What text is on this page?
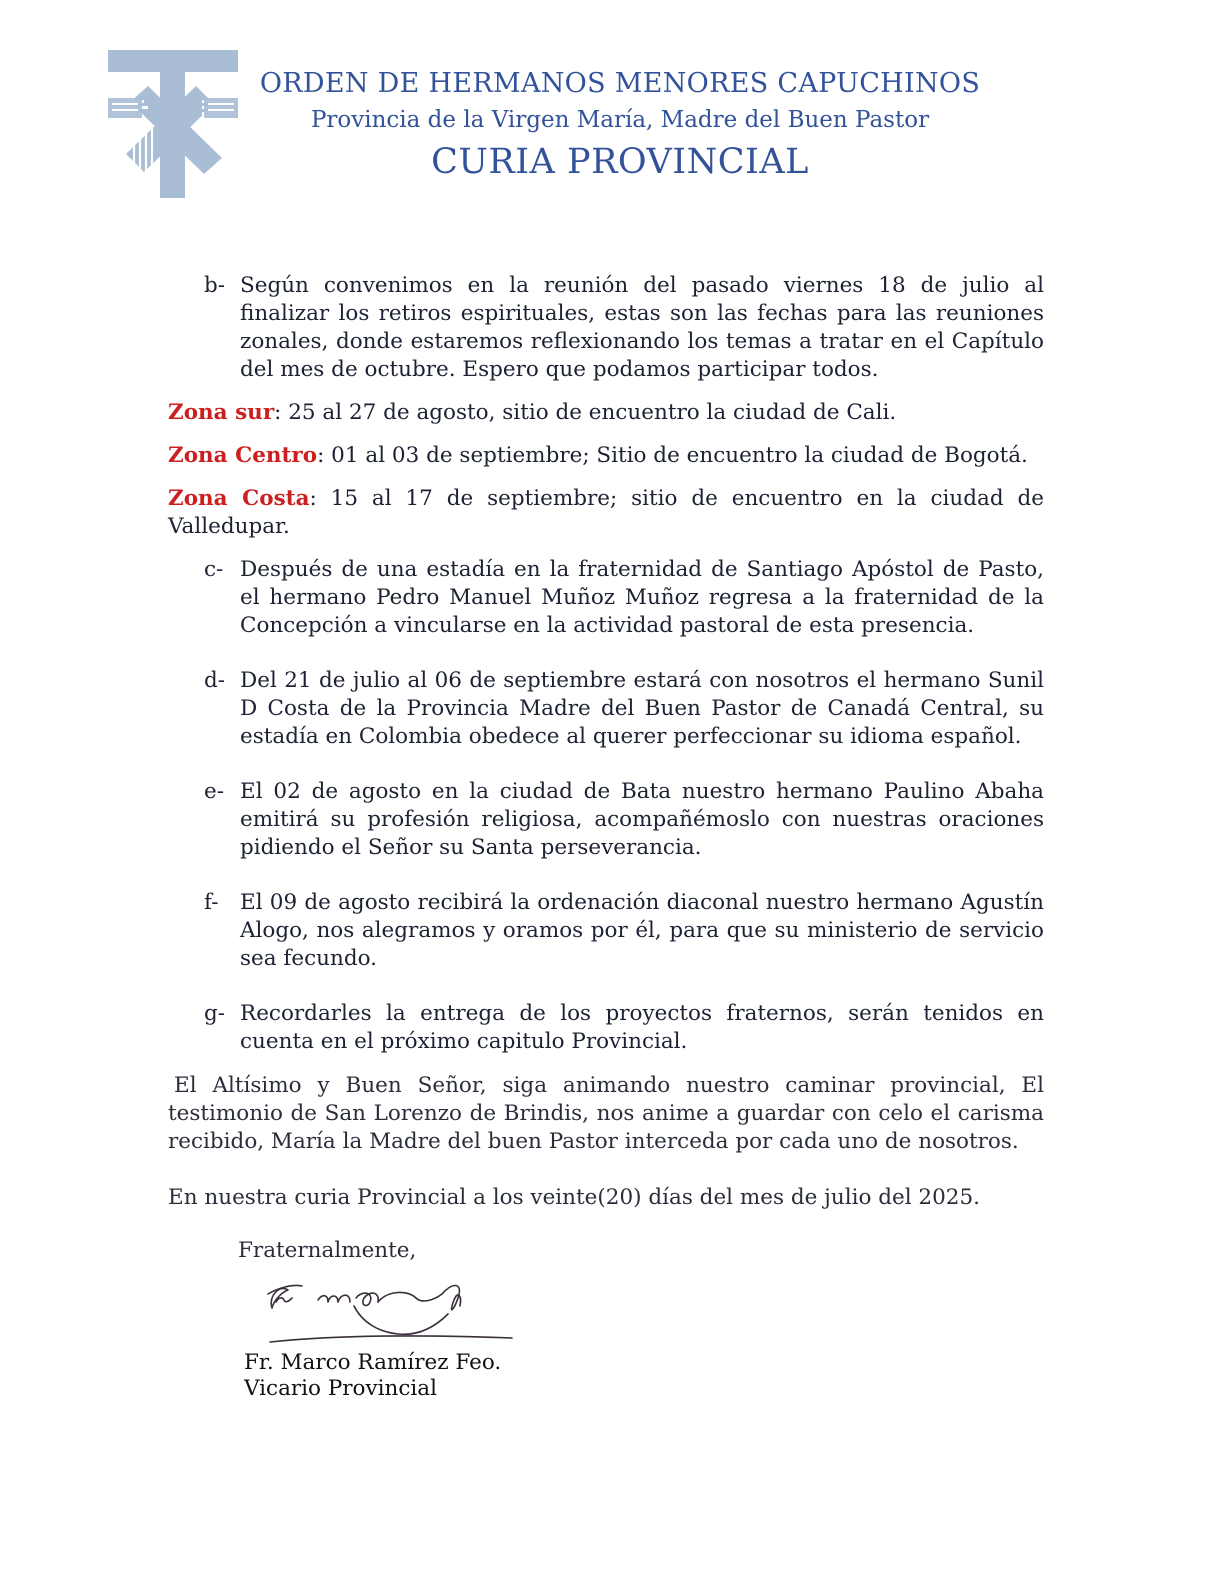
ORDEN DE HERMANOS MENORES CAPUCHINOS
Provincia de la Virgen María, Madre del Buen Pastor
CURIA PROVINCIAL
b- Según convenimos en la reunión del pasado viernes 18 de julio al finalizar los retiros espirituales, estas son las fechas para las reuniones zonales, donde estaremos reflexionando los temas a tratar en el Capítulo del mes de octubre. Espero que podamos participar todos.
Zona sur: 25 al 27 de agosto, sitio de encuentro la ciudad de Cali.
Zona Centro: 01 al 03 de septiembre; Sitio de encuentro la ciudad de Bogotá.
Zona Costa: 15 al 17 de septiembre; sitio de encuentro en la ciudad de Valledupar.
c- Después de una estadía en la fraternidad de Santiago Apóstol de Pasto, el hermano Pedro Manuel Muñoz Muñoz regresa a la fraternidad de la Concepción a vincularse en la actividad pastoral de esta presencia.
d- Del 21 de julio al 06 de septiembre estará con nosotros el hermano Sunil D Costa de la Provincia Madre del Buen Pastor de Canadá Central, su estadía en Colombia obedece al querer perfeccionar su idioma español.
e- El 02 de agosto en la ciudad de Bata nuestro hermano Paulino Abaha emitirá su profesión religiosa, acompañémoslo con nuestras oraciones pidiendo el Señor su Santa perseverancia.
f- El 09 de agosto recibirá la ordenación diaconal nuestro hermano Agustín Alogo, nos alegramos y oramos por él, para que su ministerio de servicio sea fecundo.
g- Recordarles la entrega de los proyectos fraternos, serán tenidos en cuenta en el próximo capitulo Provincial.
El Altísimo y Buen Señor, siga animando nuestro caminar provincial, El testimonio de San Lorenzo de Brindis, nos anime a guardar con celo el carisma recibido, María la Madre del buen Pastor interceda por cada uno de nosotros.
En nuestra curia Provincial a los veinte(20) días del mes de julio del 2025.
Fraternalmente,
Fr. Marco Ramírez Feo.
Vicario Provincial
